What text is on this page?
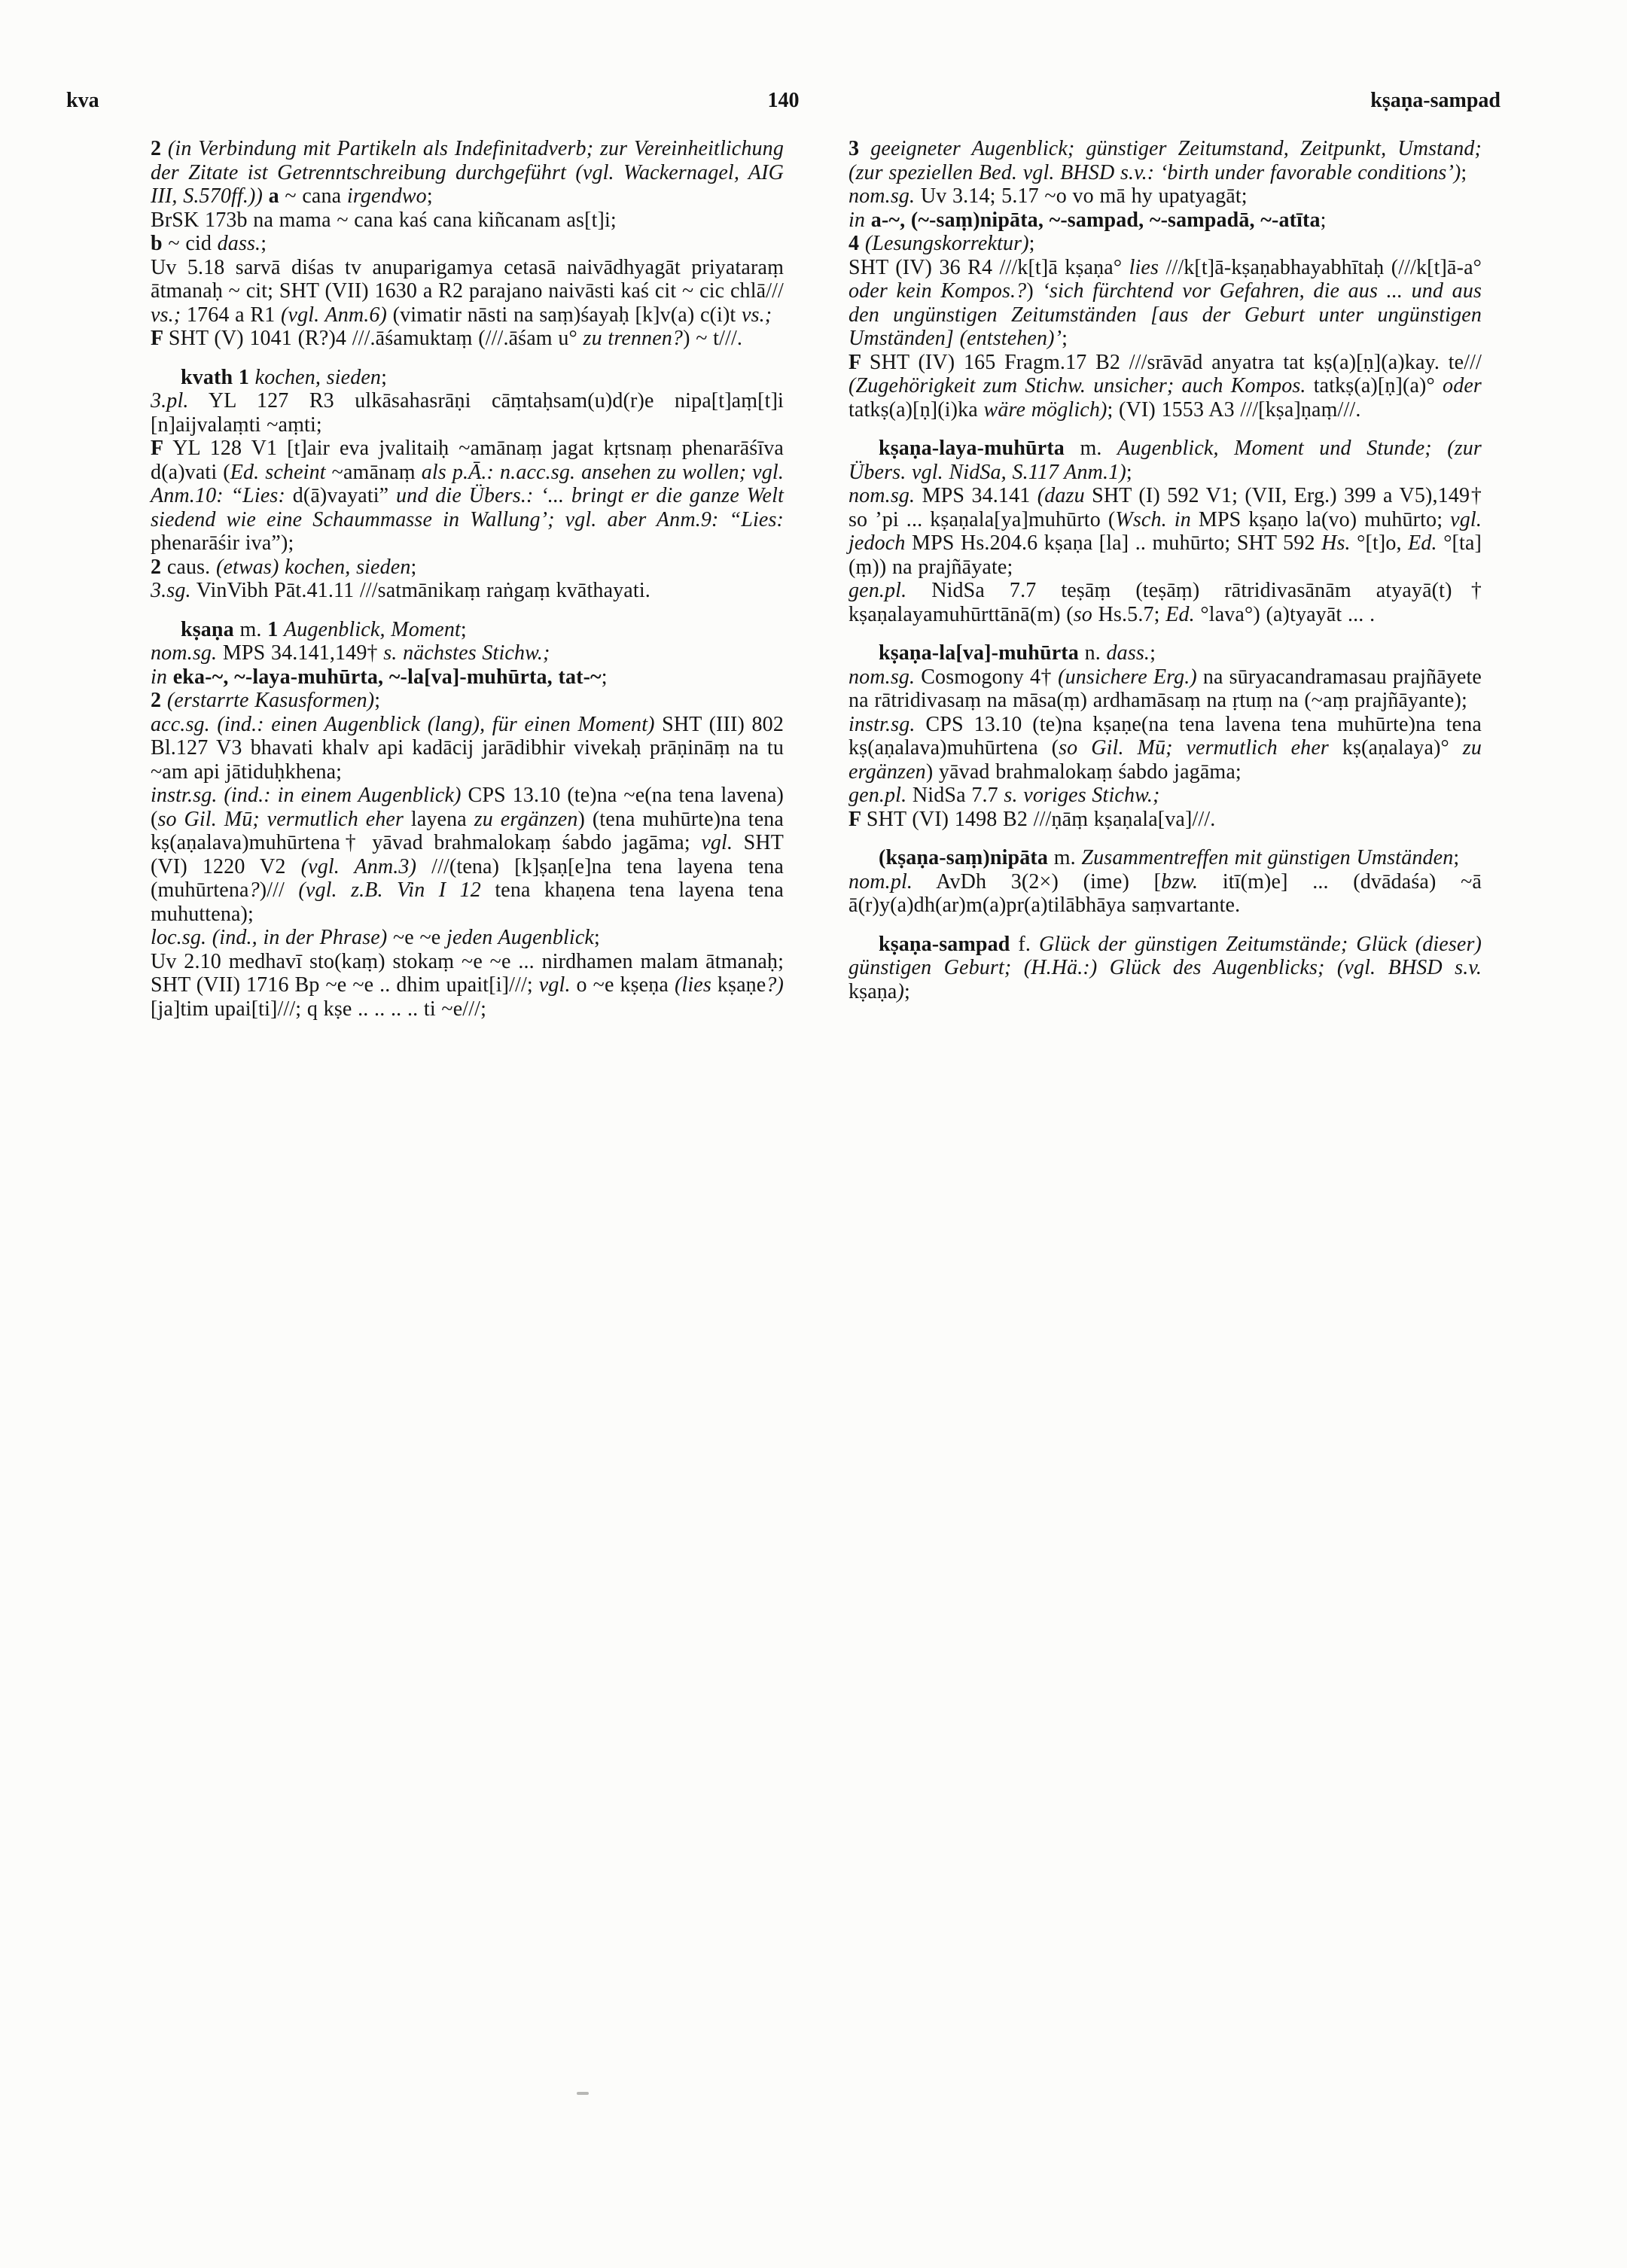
kva	140	kṣaṇa-sampad

2 (in Verbindung mit Partikeln als Indefinitadverb; zur Vereinheitlichung der Zitate ist Getrenntschreibung durchgeführt (vgl. Wackernagel, AIG III, S.570ff.)) a ~ cana irgendwo;

BrSK 173b na mama ~ cana kaś cana kiñcanam as[t]i;

b ~ cid dass.;

Uv 5.18 sarvā diśas tv anuparigamya cetasā naivādhyagāt priyataraṃ ātmanaḥ ~ cit; SHT (VII) 1630 a R2 parajano naivāsti kaś cit ~ cic chlā/// vs.; 1764 a R1 (vgl. Anm.6) (vimatir nāsti na saṃ)śayaḥ [k]v(a) c(i)t vs.;

F SHT (V) 1041 (R?)4 ///.āśamuktaṃ (///.āśam u° zu trennen?) ~ t///.

kvath 1 kochen, sieden;

3.pl. YL 127 R3 ulkāsahasrāṇi cāṃtaḥsam(u)d(r)e nipa[t]aṃ[t]i [n]aijvalaṃti ~aṃti;

F YL 128 V1 [t]air eva jvalitaiḥ ~amānaṃ jagat kṛtsnaṃ phenarāśīva d(a)vati (Ed. scheint ~amānaṃ als p.Ā.: n.acc.sg. ansehen zu wollen; vgl. Anm.10: “Lies: d(ā)vayati” und die Übers.: ‘... bringt er die ganze Welt siedend wie eine Schaummasse in Wallung’; vgl. aber Anm.9: “Lies: phenarāśir iva”);

2 caus. (etwas) kochen, sieden;

3.sg. VinVibh Pāt.41.11 ///satmānikaṃ raṅgaṃ kvāthayati.

kṣaṇa m. 1 Augenblick, Moment;

nom.sg. MPS 34.141,149† s. nächstes Stichw.;

in eka-~, ~-laya-muhūrta, ~-la[va]-muhūrta, tat-~;

2 (erstarrte Kasusformen);

acc.sg. (ind.: einen Augenblick (lang), für einen Moment) SHT (III) 802 Bl.127 V3 bhavati khalv api kadācij jarādibhir vivekaḥ prāṇināṃ na tu ~am api jātiduḥkhena;

instr.sg. (ind.: in einem Augenblick) CPS 13.10 (te)na ~e(na tena lavena) (so Gil. Mū; vermutlich eher layena zu ergänzen) (tena muhūrte)na tena kṣ(aṇalava)muhūrtena† yāvad brahmalokaṃ śabdo jagāma; vgl. SHT (VI) 1220 V2 (vgl. Anm.3) ///(tena) [k]ṣaṇ[e]na tena layena tena (muhūrtena?)/// (vgl. z.B. Vin I 12 tena khaṇena tena layena tena muhuttena);

loc.sg. (ind., in der Phrase) ~e ~e jeden Augenblick;

Uv 2.10 medhavī sto(kaṃ) stokaṃ ~e ~e ... nirdhamen malam ātmanaḥ; SHT (VII) 1716 Bp ~e ~e .. dhim upait[i]///; vgl. o ~e kṣeṇa (lies kṣaṇe?) [ja]tim upai[ti]///; q kṣe .. .. .. .. ti ~e///;

3 geeigneter Augenblick; günstiger Zeitumstand, Zeitpunkt, Umstand; (zur speziellen Bed. vgl. BHSD s.v.: ‘birth under favorable conditions’);

nom.sg. Uv 3.14; 5.17 ~o vo mā hy upatyagāt;

in a-~, (~-saṃ)nipāta, ~-sampad, ~-sampadā, ~-atīta;

4 (Lesungskorrektur);

SHT (IV) 36 R4 ///k[t]ā kṣaṇa° lies ///k[t]ā-kṣaṇabhayabhītaḥ (///k[t]ā-a° oder kein Kompos.?) ‘sich fürchtend vor Gefahren, die aus ... und aus den ungünstigen Zeitumständen [aus der Geburt unter ungünstigen Umständen] (entstehen)’;

F SHT (IV) 165 Fragm.17 B2 ///srāvād anyatra tat kṣ(a)[ṇ](a)kay. te/// (Zugehörigkeit zum Stichw. unsicher; auch Kompos. tatkṣ(a)[ṇ](a)° oder tatkṣ(a)[ṇ](i)ka wäre möglich); (VI) 1553 A3 ///[kṣa]ṇaṃ///.

kṣaṇa-laya-muhūrta m. Augenblick, Moment und Stunde; (zur Übers. vgl. NidSa, S.117 Anm.1);

nom.sg. MPS 34.141 (dazu SHT (I) 592 V1; (VII, Erg.) 399 a V5),149† so ’pi ... kṣaṇala[ya]muhūrto (Wsch. in MPS kṣaṇo la(vo) muhūrto; vgl. jedoch MPS Hs.204.6 kṣaṇa [la] .. muhūrto; SHT 592 Hs. °[t]o, Ed. °[ta](ṃ)) na prajñāyate;

gen.pl. NidSa 7.7 teṣāṃ (teṣāṃ) rātridivasānām atyayā(t)† kṣaṇalayamuhūrttānā(m) (so Hs.5.7; Ed. °lava°) (a)tyayāt ... .

kṣaṇa-la[va]-muhūrta n. dass.;

nom.sg. Cosmogony 4† (unsichere Erg.) na sūryacandramasau prajñāyete na rātridivasaṃ na māsa(ṃ) ardhamāsaṃ na ṛtuṃ na (~aṃ prajñāyante);

instr.sg. CPS 13.10 (te)na kṣaṇe(na tena lavena tena muhūrte)na tena kṣ(aṇalava)muhūrtena (so Gil. Mū; vermutlich eher kṣ(aṇalaya)° zu ergänzen) yāvad brahmalokaṃ śabdo jagāma;

gen.pl. NidSa 7.7 s. voriges Stichw.;

F SHT (VI) 1498 B2 ///ṇāṃ kṣaṇala[va]///.

(kṣaṇa-saṃ)nipāta m. Zusammentreffen mit günstigen Umständen;

nom.pl. AvDh 3(2×) (ime) [bzw. itī(m)e] ... (dvādaśa) ~ā ā(r)y(a)dh(ar)m(a)pr(a)tilābhāya saṃvartante.

kṣaṇa-sampad f. Glück der günstigen Zeitumstände; Glück (dieser) günstigen Geburt; (H.Hä.:) Glück des Augenblicks; (vgl. BHSD s.v. kṣaṇa);
